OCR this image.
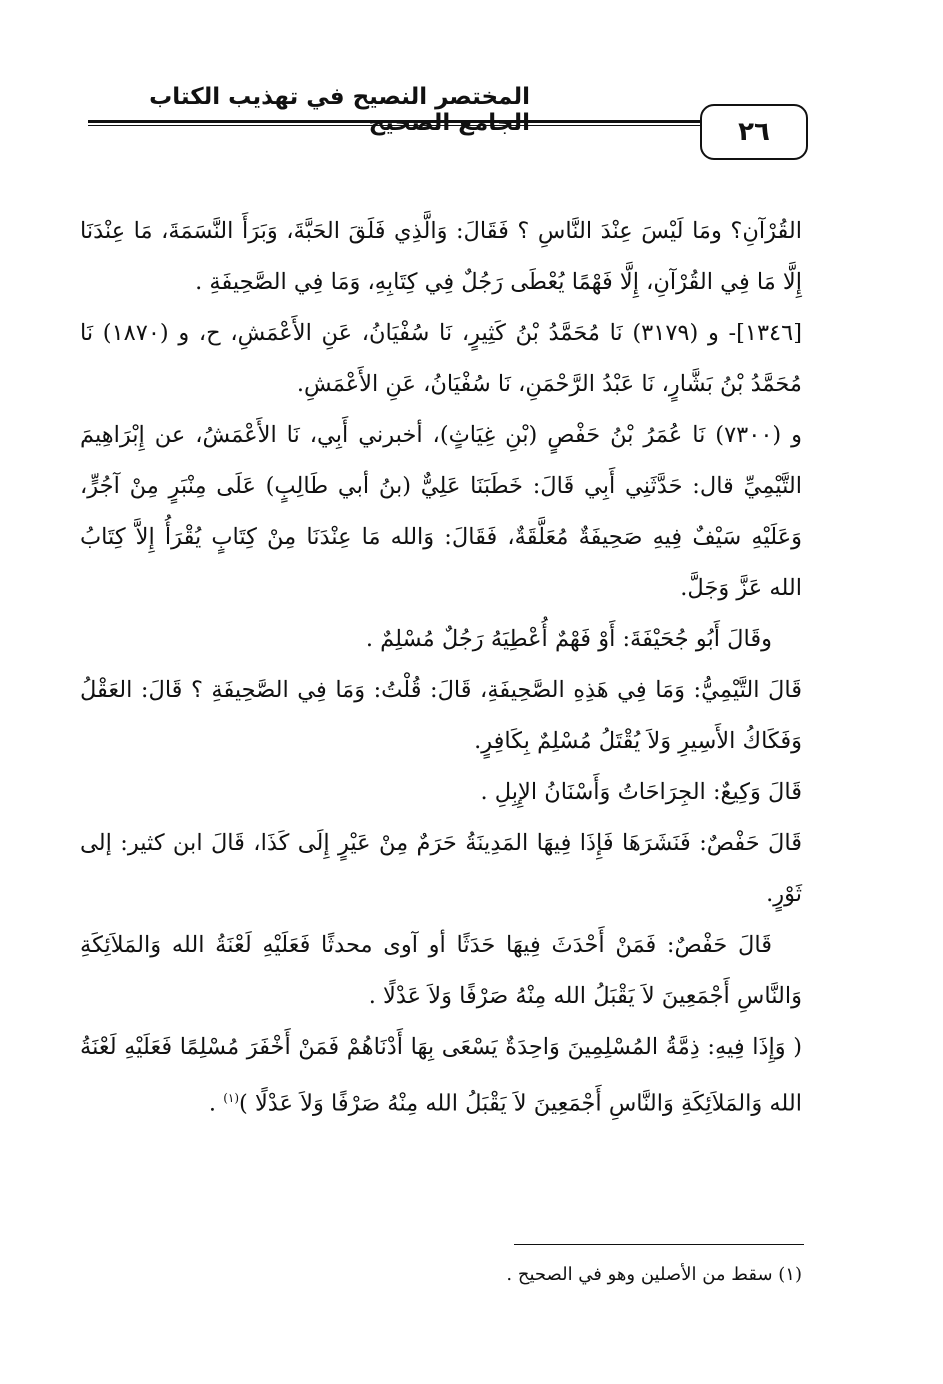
المختصر النصيح في تهذيب الكتاب الجامع الصحيح	٢٦

القُرْآنِ؟ ومَا لَيْسَ عِنْدَ النَّاسِ ؟ فَقَالَ: وَالَّذِي فَلَقَ الحَبَّةَ، وَبَرَأَ النَّسَمَةَ، مَا عِنْدَنَا إِلَّا مَا فِي القُرْآنِ، إِلَّا فَهْمًا يُعْطَى رَجُلٌ فِي كِتَابِهِ، وَمَا فِي الصَّحِيفَةِ .

[١٣٤٦]- و (٣١٧٩) نَا مُحَمَّدُ بْنُ كَثِيرٍ، نَا سُفْيَانُ، عَنِ الأَعْمَشِ، ح، و (١٨٧٠) نَا مُحَمَّدُ بْنُ بَشَّارٍ، نَا عَبْدُ الرَّحْمَنِ، نَا سُفْيَانُ، عَنِ الأَعْمَشِ.

و (٧٣٠٠) نَا عُمَرُ بْنُ حَفْصٍ (بْنِ غِيَاثٍ)، أخبرني أَبِي، نَا الأَعْمَشُ، عن إِبْرَاهِيمَ التَّيْمِيِّ قال: حَدَّثَنِي أَبِي قَالَ: خَطَبَنَا عَلِيٌّ (بنُ أبي طَالِبٍ) عَلَى مِنْبَرٍ مِنْ آجُرٍّ، وَعَلَيْهِ سَيْفٌ فِيهِ صَحِيفَةٌ مُعَلَّقَةٌ، فَقَالَ: وَالله مَا عِنْدَنَا مِنْ كِتَابٍ يُقْرَأُ إِلاَّ كِتَابُ الله عَزَّ وَجَلَّ.

وقَالَ أَبُو جُحَيْفَةَ: أَوْ فَهْمٌ أُعْطِيَهُ رَجُلٌ مُسْلِمٌ .

قَالَ التَّيْمِيُّ: وَمَا فِي هَذِهِ الصَّحِيفَةِ، قَالَ: قُلْتُ: وَمَا فِي الصَّحِيفَةِ ؟ قَالَ: العَقْلُ وَفَكَاكُ الأَسِيرِ وَلاَ يُقْتَلُ مُسْلِمٌ بِكَافِرٍ.

قَالَ وَكِيعٌ: الجِرَاحَاتُ وَأَسْنَانُ الإِبِلِ .

قَالَ حَفْصٌ: فَنَشَرَهَا فَإِذَا فِيهَا المَدِينَةُ حَرَمٌ مِنْ عَيْرٍ إِلَى كَذَا، قَالَ ابن كثير: إلى ثَوْرٍ.

قَالَ حَفْصٌ: فَمَنْ أَحْدَثَ فِيهَا حَدَثًا أو آوى محدثًا فَعَلَيْهِ لَعْنَةُ الله وَالمَلاَئِكَةِ وَالنَّاسِ أَجْمَعِينَ لاَ يَقْبَلُ الله مِنْهُ صَرْفًا وَلاَ عَدْلًا .

( وَإِذَا فِيهِ: ذِمَّةُ المُسْلِمِينَ وَاحِدَةٌ يَسْعَى بِهَا أَدْنَاهُمْ فَمَنْ أَخْفَرَ مُسْلِمًا فَعَلَيْهِ لَعْنَةُ الله وَالمَلاَئِكَةِ وَالنَّاسِ أَجْمَعِينَ لاَ يَقْبَلُ الله مِنْهُ صَرْفًا وَلاَ عَدْلًا )$^{(١)}$ .

(١) سقط من الأصلين وهو في الصحيح .
